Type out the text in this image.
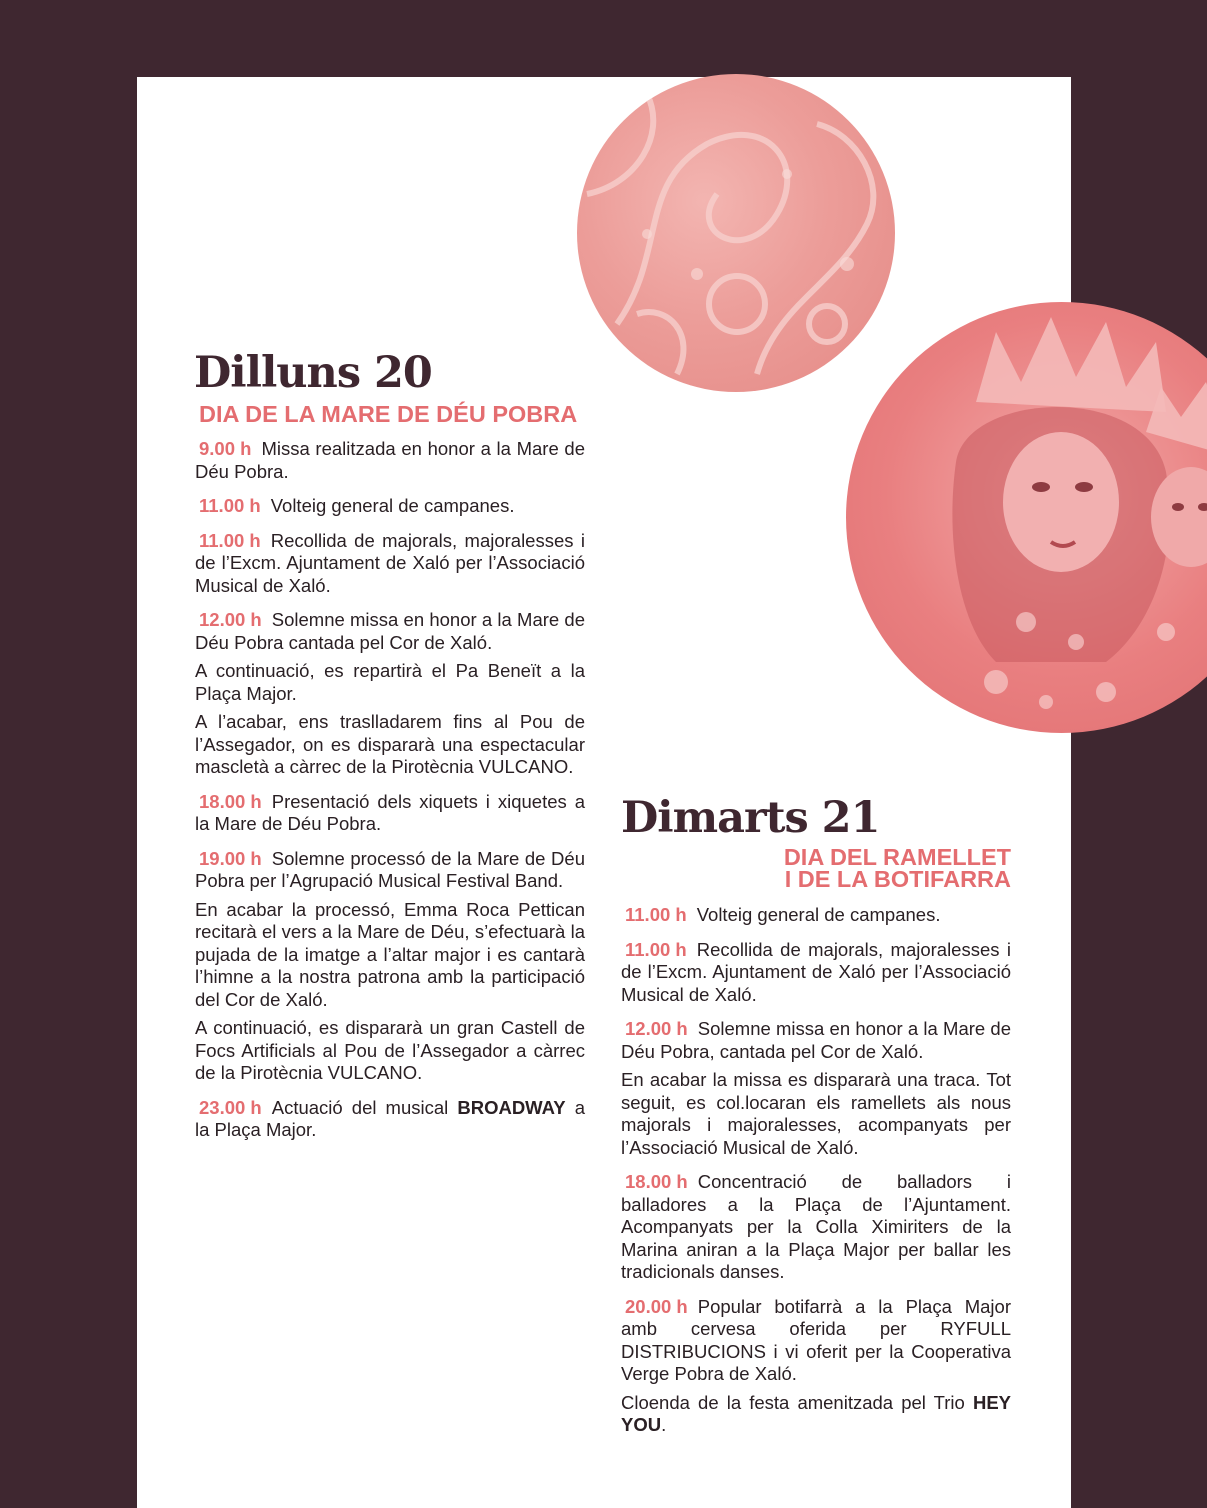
Dilluns 20
DIA DE LA MARE DE DÉU POBRA

9.00 h Missa realitzada en honor a la Mare de Déu Pobra.

11.00 h Volteig general de campanes.

11.00 h Recollida de majorals, majoralesses i de l’Excm. Ajuntament de Xaló per l’Associació Musical de Xaló.

12.00 h Solemne missa en honor a la Mare de Déu Pobra cantada pel Cor de Xaló.

A continuació, es repartirà el Pa Beneït a la Plaça Major.

A l’acabar, ens traslladarem fins al Pou de l’Assegador, on es dispararà una espectacular mascletà a càrrec de la Pirotècnia VULCANO.

18.00 h Presentació dels xiquets i xiquetes a la Mare de Déu Pobra.

19.00 h Solemne processó de la Mare de Déu Pobra per l’Agrupació Musical Festival Band.

En acabar la processó, Emma Roca Pettican recitarà el vers a la Mare de Déu, s’efectuarà la pujada de la imatge a l’altar major i es cantarà l’himne a la nostra patrona amb la participació del Cor de Xaló.

A continuació, es dispararà un gran Castell de Focs Artificials al Pou de l’Assegador a càrrec de la Pirotècnia VULCANO.

23.00 h Actuació del musical BROADWAY a la Plaça Major.

Dimarts 21
DIA DEL RAMELLET
I DE LA BOTIFARRA

11.00 h Volteig general de campanes.

11.00 h Recollida de majorals, majoralesses i de l’Excm. Ajuntament de Xaló per l’Associació Musical de Xaló.

12.00 h Solemne missa en honor a la Mare de Déu Pobra, cantada pel Cor de Xaló.

En acabar la missa es dispararà una traca. Tot seguit, es col.locaran els ramellets als nous majorals i majoralesses, acompanyats per l’Associació Musical de Xaló.

18.00 h Concentració de balladors i balladores a la Plaça de l’Ajuntament. Acompanyats per la Colla Ximiriters de la Marina aniran a la Plaça Major per ballar les tradicionals danses.

20.00 h Popular botifarrà a la Plaça Major amb cervesa oferida per RYFULL DISTRIBUCIONS i vi oferit per la Cooperativa Verge Pobra de Xaló.

Cloenda de la festa amenitzada pel Trio HEY YOU.
